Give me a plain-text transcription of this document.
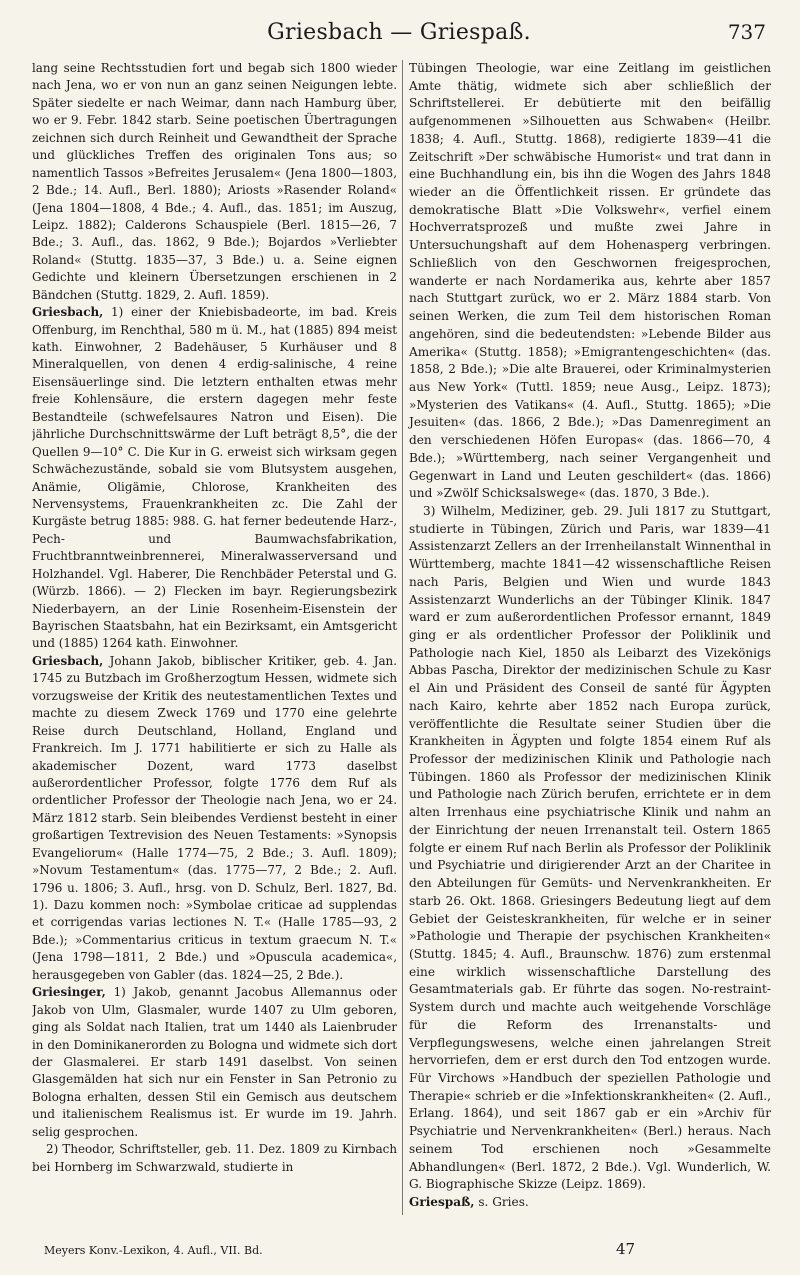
Griesbach — Griespaß.	737

lang seine Rechtsstudien fort und begab sich 1800 wieder nach Jena, wo er von nun an ganz seinen Neigungen lebte. Später siedelte er nach Weimar, dann nach Hamburg über, wo er 9. Febr. 1842 starb. Seine poetischen Übertragungen zeichnen sich durch Reinheit und Gewandtheit der Sprache und glückliches Treffen des originalen Tons aus; so namentlich Tassos »Befreites Jerusalem« (Jena 1800—1803, 2 Bde.; 14. Aufl., Berl. 1880); Ariosts »Rasender Roland« (Jena 1804—1808, 4 Bde.; 4. Aufl., das. 1851; im Auszug, Leipz. 1882); Calderons Schauspiele (Berl. 1815—26, 7 Bde.; 3. Aufl., das. 1862, 9 Bde.); Bojardos »Verliebter Roland« (Stuttg. 1835—37, 3 Bde.) u. a. Seine eignen Gedichte und kleinern Übersetzungen erschienen in 2 Bändchen (Stuttg. 1829, 2. Aufl. 1859).

Griesbach, 1) einer der Kniebisbadeorte, im bad. Kreis Offenburg, im Renchthal, 580 m ü. M., hat (1885) 894 meist kath. Einwohner, 2 Badehäuser, 5 Kurhäuser und 8 Mineralquellen, von denen 4 erdig-salinische, 4 reine Eisensäuerlinge sind. Die letztern enthalten etwas mehr freie Kohlensäure, die erstern dagegen mehr feste Bestandteile (schwefelsaures Natron und Eisen). Die jährliche Durchschnittswärme der Luft beträgt 8,5°, die der Quellen 9—10° C. Die Kur in G. erweist sich wirksam gegen Schwächezustände, sobald sie vom Blutsystem ausgehen, Anämie, Oligämie, Chlorose, Krankheiten des Nervensystems, Frauenkrankheiten zc. Die Zahl der Kurgäste betrug 1885: 988. G. hat ferner bedeutende Harz-, Pech- und Baumwachsfabrikation, Fruchtbranntweinbrennerei, Mineralwasserversand und Holzhandel. Vgl. Haberer, Die Renchbäder Peterstal und G. (Würzb. 1866). — 2) Flecken im bayr. Regierungsbezirk Niederbayern, an der Linie Rosenheim-Eisenstein der Bayrischen Staatsbahn, hat ein Bezirksamt, ein Amtsgericht und (1885) 1264 kath. Einwohner.

Griesbach, Johann Jakob, biblischer Kritiker, geb. 4. Jan. 1745 zu Butzbach im Großherzogtum Hessen, widmete sich vorzugsweise der Kritik des neutestamentlichen Textes und machte zu diesem Zweck 1769 und 1770 eine gelehrte Reise durch Deutschland, Holland, England und Frankreich. Im J. 1771 habilitierte er sich zu Halle als akademischer Dozent, ward 1773 daselbst außerordentlicher Professor, folgte 1776 dem Ruf als ordentlicher Professor der Theologie nach Jena, wo er 24. März 1812 starb. Sein bleibendes Verdienst besteht in einer großartigen Textrevision des Neuen Testaments: »Synopsis Evangeliorum« (Halle 1774—75, 2 Bde.; 3. Aufl. 1809); »Novum Testamentum« (das. 1775—77, 2 Bde.; 2. Aufl. 1796 u. 1806; 3. Aufl., hrsg. von D. Schulz, Berl. 1827, Bd. 1). Dazu kommen noch: »Symbolae criticae ad supplendas et corrigendas varias lectiones N. T.« (Halle 1785—93, 2 Bde.); »Commentarius criticus in textum graecum N. T.« (Jena 1798—1811, 2 Bde.) und »Opuscula academica«, herausgegeben von Gabler (das. 1824—25, 2 Bde.).

Griesinger, 1) Jakob, genannt Jacobus Allemannus oder Jakob von Ulm, Glasmaler, wurde 1407 zu Ulm geboren, ging als Soldat nach Italien, trat um 1440 als Laienbruder in den Dominikanerorden zu Bologna und widmete sich dort der Glasmalerei. Er starb 1491 daselbst. Von seinen Glasgemälden hat sich nur ein Fenster in San Petronio zu Bologna erhalten, dessen Stil ein Gemisch aus deutschem und italienischem Realismus ist. Er wurde im 19. Jahrh. selig gesprochen.

2) Theodor, Schriftsteller, geb. 11. Dez. 1809 zu Kirnbach bei Hornberg im Schwarzwald, studierte in

Tübingen Theologie, war eine Zeitlang im geistlichen Amte thätig, widmete sich aber schließlich der Schriftstellerei. Er debütierte mit den beifällig aufgenommenen »Silhouetten aus Schwaben« (Heilbr. 1838; 4. Aufl., Stuttg. 1868), redigierte 1839—41 die Zeitschrift »Der schwäbische Humorist« und trat dann in eine Buchhandlung ein, bis ihn die Wogen des Jahrs 1848 wieder an die Öffentlichkeit rissen. Er gründete das demokratische Blatt »Die Volkswehr«, verfiel einem Hochverratsprozeß und mußte zwei Jahre in Untersuchungshaft auf dem Hohenasperg verbringen. Schließlich von den Geschwornen freigesprochen, wanderte er nach Nordamerika aus, kehrte aber 1857 nach Stuttgart zurück, wo er 2. März 1884 starb. Von seinen Werken, die zum Teil dem historischen Roman angehören, sind die bedeutendsten: »Lebende Bilder aus Amerika« (Stuttg. 1858); »Emigrantengeschichten« (das. 1858, 2 Bde.); »Die alte Brauerei, oder Kriminalmysterien aus New York« (Tuttl. 1859; neue Ausg., Leipz. 1873); »Mysterien des Vatikans« (4. Aufl., Stuttg. 1865); »Die Jesuiten« (das. 1866, 2 Bde.); »Das Damenregiment an den verschiedenen Höfen Europas« (das. 1866—70, 4 Bde.); »Württemberg, nach seiner Vergangenheit und Gegenwart in Land und Leuten geschildert« (das. 1866) und »Zwölf Schicksalswege« (das. 1870, 3 Bde.).

3) Wilhelm, Mediziner, geb. 29. Juli 1817 zu Stuttgart, studierte in Tübingen, Zürich und Paris, war 1839—41 Assistenzarzt Zellers an der Irrenheilanstalt Winnenthal in Württemberg, machte 1841—42 wissenschaftliche Reisen nach Paris, Belgien und Wien und wurde 1843 Assistenzarzt Wunderlichs an der Tübinger Klinik. 1847 ward er zum außerordentlichen Professor ernannt, 1849 ging er als ordentlicher Professor der Poliklinik und Pathologie nach Kiel, 1850 als Leibarzt des Vizekönigs Abbas Pascha, Direktor der medizinischen Schule zu Kasr el Ain und Präsident des Conseil de santé für Ägypten nach Kairo, kehrte aber 1852 nach Europa zurück, veröffentlichte die Resultate seiner Studien über die Krankheiten in Ägypten und folgte 1854 einem Ruf als Professor der medizinischen Klinik und Pathologie nach Tübingen. 1860 als Professor der medizinischen Klinik und Pathologie nach Zürich berufen, errichtete er in dem alten Irrenhaus eine psychiatrische Klinik und nahm an der Einrichtung der neuen Irrenanstalt teil. Ostern 1865 folgte er einem Ruf nach Berlin als Professor der Poliklinik und Psychiatrie und dirigierender Arzt an der Charitee in den Abteilungen für Gemüts- und Nervenkrankheiten. Er starb 26. Okt. 1868. Griesingers Bedeutung liegt auf dem Gebiet der Geisteskrankheiten, für welche er in seiner »Pathologie und Therapie der psychischen Krankheiten« (Stuttg. 1845; 4. Aufl., Braunschw. 1876) zum erstenmal eine wirklich wissenschaftliche Darstellung des Gesamtmaterials gab. Er führte das sogen. No-restraint-System durch und machte auch weitgehende Vorschläge für die Reform des Irrenanstalts- und Verpflegungswesens, welche einen jahrelangen Streit hervorriefen, dem er erst durch den Tod entzogen wurde. Für Virchows »Handbuch der speziellen Pathologie und Therapie« schrieb er die »Infektionskrankheiten« (2. Aufl., Erlang. 1864), und seit 1867 gab er ein »Archiv für Psychiatrie und Nervenkrankheiten« (Berl.) heraus. Nach seinem Tod erschienen noch »Gesammelte Abhandlungen« (Berl. 1872, 2 Bde.). Vgl. Wunderlich, W. G. Biographische Skizze (Leipz. 1869).

Griespaß, s. Gries.

Meyers Konv.-Lexikon, 4. Aufl., VII. Bd.	47
